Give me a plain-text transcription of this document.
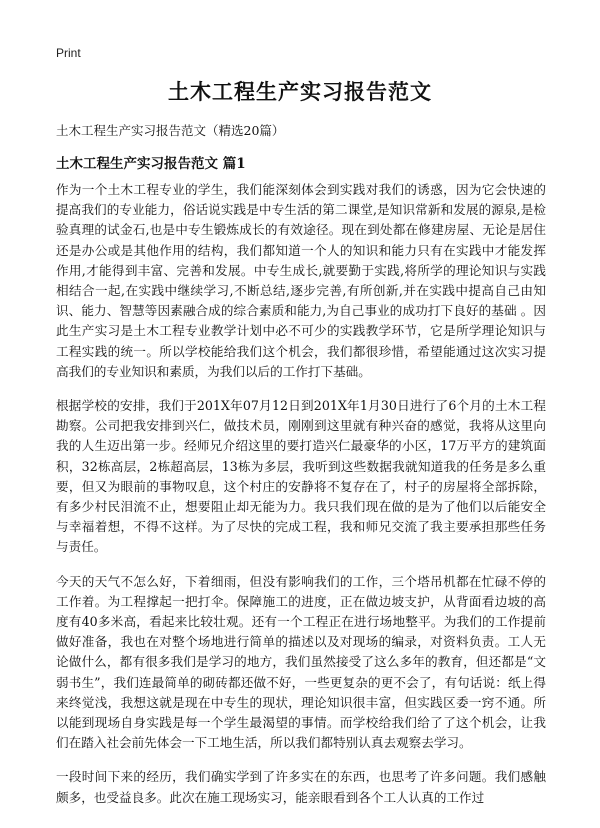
Print
土木工程生产实习报告范文

土木工程生产实习报告范文（精选20篇）

土木工程生产实习报告范文 篇1

作为一个土木工程专业的学生，我们能深刻体会到实践对我们的诱惑，因为它会快速的提高我们的专业能力，俗话说实践是中专生活的第二课堂,是知识常新和发展的源泉,是检验真理的试金石,也是中专生锻炼成长的有效途径。现在到处都在修建房屋、无论是居住还是办公或是其他作用的结构，我们都知道一个人的知识和能力只有在实践中才能发挥作用,才能得到丰富、完善和发展。中专生成长,就要勤于实践,将所学的理论知识与实践相结合一起,在实践中继续学习,不断总结,逐步完善,有所创新,并在实践中提高自己由知识、能力、智慧等因素融合成的综合素质和能力,为自己事业的成功打下良好的基础 。因此生产实习是土木工程专业教学计划中必不可少的实践教学环节，它是所学理论知识与工程实践的统一。所以学校能给我们这个机会，我们都很珍惜，希望能通过这次实习提高我们的专业知识和素质，为我们以后的工作打下基础。

根据学校的安排，我们于201X年07月12日到201X年1月30日进行了6个月的土木工程勘察。公司把我安排到兴仁，做技术员，刚刚到这里就有种兴奋的感觉，我将从这里向我的人生迈出第一步。经师兄介绍这里的要打造兴仁最豪华的小区，17万平方的建筑面积，32栋高层，2栋超高层，13栋为多层，我听到这些数据我就知道我的任务是多么重要，但又为眼前的事物叹息，这个村庄的安静将不复存在了，村子的房屋将全部拆除，有多少村民泪流不止，想要阻止却无能为力。我只我们现在做的是为了他们以后能安全与幸福着想，不得不这样。为了尽快的完成工程，我和师兄交流了我主要承担那些任务与责任。

今天的天气不怎么好，下着细雨，但没有影响我们的工作，三个塔吊机都在忙碌不停的工作着。为工程撑起一把打伞。保障施工的进度，正在做边坡支护，从背面看边坡的高度有40多米高，看起来比较壮观。还有一个工程正在进行场地整平。为我们的工作提前做好准备，我也在对整个场地进行简单的描述以及对现场的编录，对资料负责。工人无论做什么，都有很多我们是学习的地方，我们虽然接受了这么多年的教育，但还都是“文弱书生”，我们连最简单的砌砖都还做不好，一些更复杂的更不会了，有句话说：纸上得来终觉浅，我想这就是现在中专生的现状，理论知识很丰富，但实践区委一窍不通。所以能到现场自身实践是每一个学生最渴望的事情。而学校给我们给了了这个机会，让我们在踏入社会前先体会一下工地生活，所以我们都特别认真去观察去学习。

一段时间下来的经历，我们确实学到了许多实在的东西，也思考了许多问题。我们感触颇多，也受益良多。此次在施工现场实习，能亲眼看到各个工人认真的工作过
